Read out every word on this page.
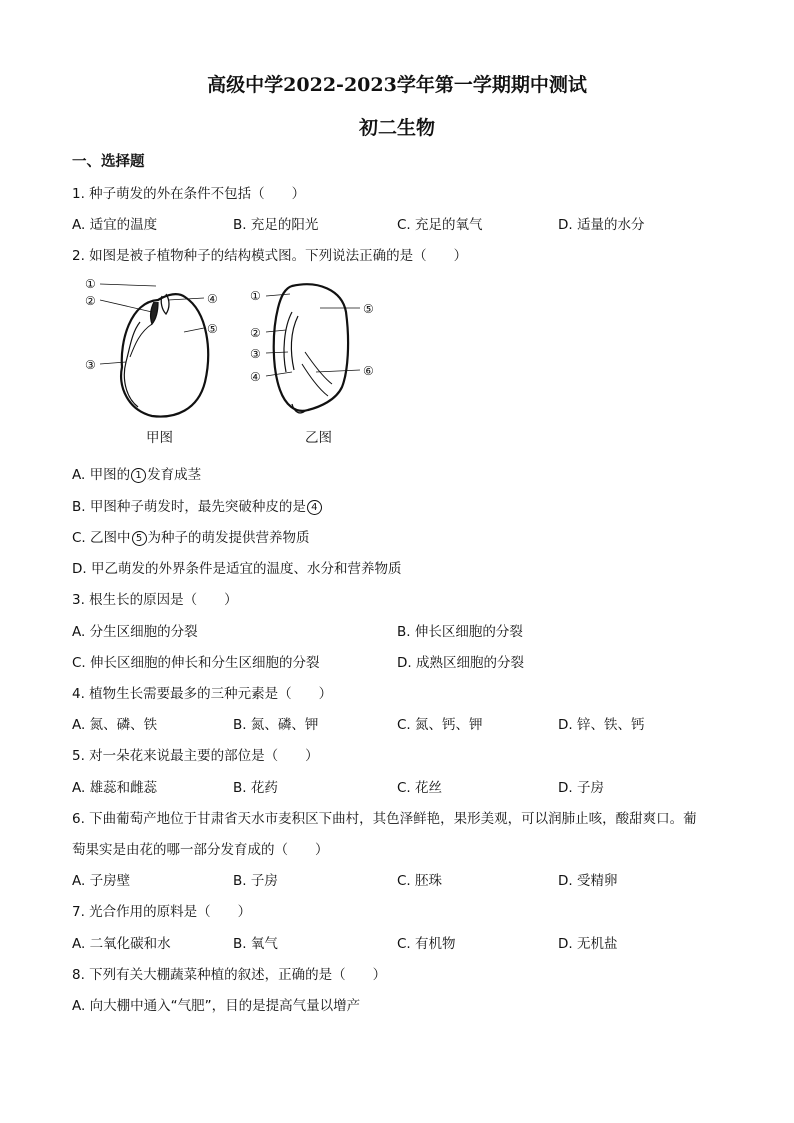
高级中学2022-2023学年第一学期期中测试
初二生物
一、选择题
1. 种子萌发的外在条件不包括（　　）
A. 适宜的温度	B. 充足的阳光	C. 充足的氧气	D. 适量的水分
2. 如图是被子植物种子的结构模式图。下列说法正确的是（　　）
①
②
③
④
⑤
①
②
③
④
⑤
⑥
甲图	乙图
A. 甲图的 1 发育成茎
B. 甲图种子萌发时，最先突破种皮的是 4
C. 乙图中 5 为种子的萌发提供营养物质
D. 甲乙萌发的外界条件是适宜的温度、水分和营养物质
3. 根生长的原因是（　　）
A. 分生区细胞的分裂	B. 伸长区细胞的分裂
C. 伸长区细胞的伸长和分生区细胞的分裂	D. 成熟区细胞的分裂
4. 植物生长需要最多的三种元素是（　　）
A. 氮、磷、铁	B. 氮、磷、钾	C. 氮、钙、钾	D. 锌、铁、钙
5. 对一朵花来说最主要的部位是（　　）
A. 雄蕊和雌蕊	B. 花药	C. 花丝	D. 子房
6. 下曲葡萄产地位于甘肃省天水市麦积区下曲村，其色泽鲜艳，果形美观，可以润肺止咳，酸甜爽口。葡
萄果实是由花的哪一部分发育成的（　　）
A. 子房壁	B. 子房	C. 胚珠	D. 受精卵
7. 光合作用的原料是（　　）
A. 二氧化碳和水	B. 氧气	C. 有机物	D. 无机盐
8. 下列有关大棚蔬菜种植的叙述，正确的是（　　）
A. 向大棚中通入“气肥”，目的是提高气量以增产
